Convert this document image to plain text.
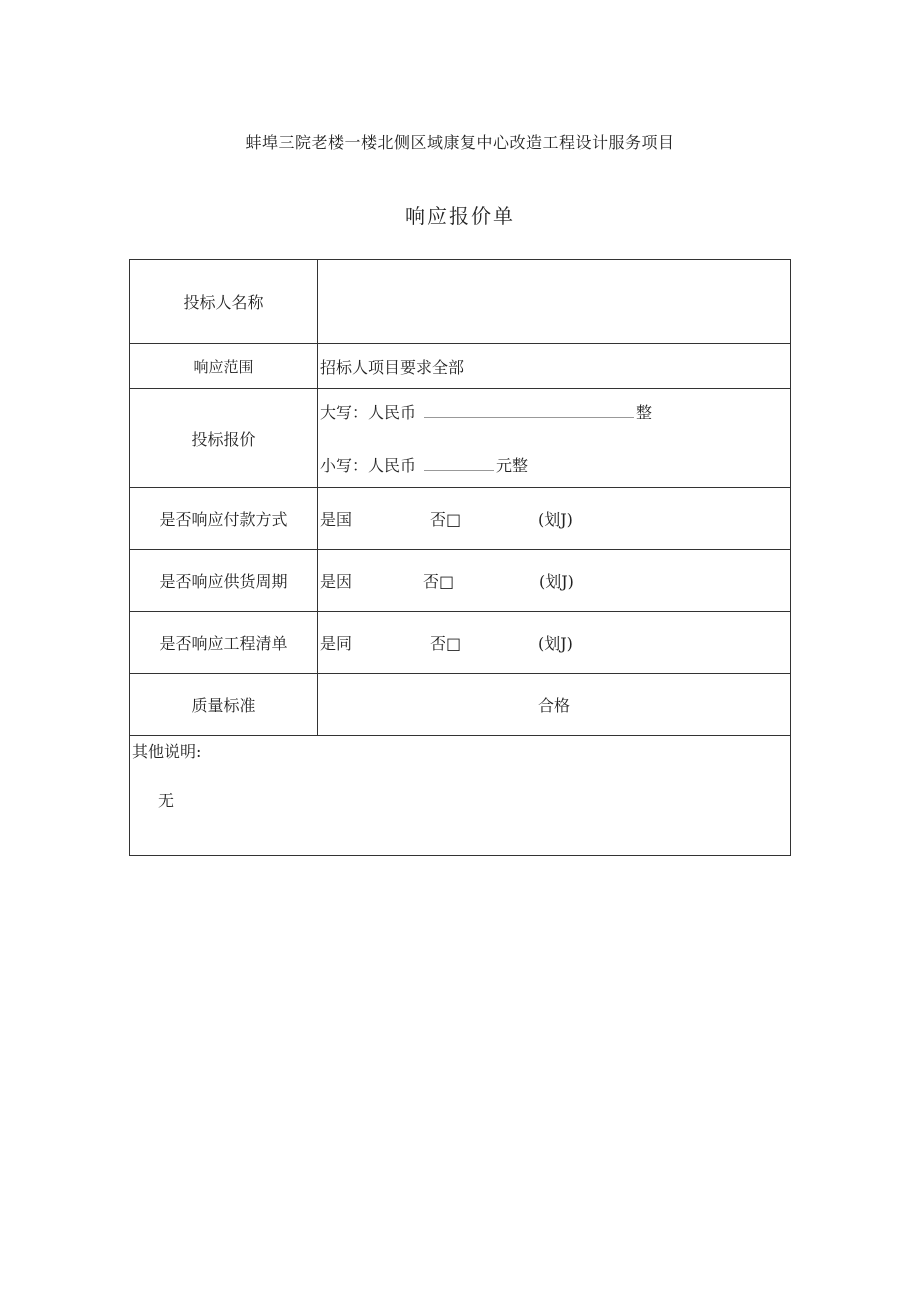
蚌埠三院老楼一楼北侧区域康复中心改造工程设计服务项目
响应报价单
投标人名称	
响应范围	招标人项目要求全部
投标报价	大写：人民币 整
小写：人民币 元整

是否响应付款方式	是国 否□ (划J)
是否响应供货周期	是因 否□ (划J)
是否响应工程清单	是同 否□ (划J)
质量标准	合格

其他说明:
无	
